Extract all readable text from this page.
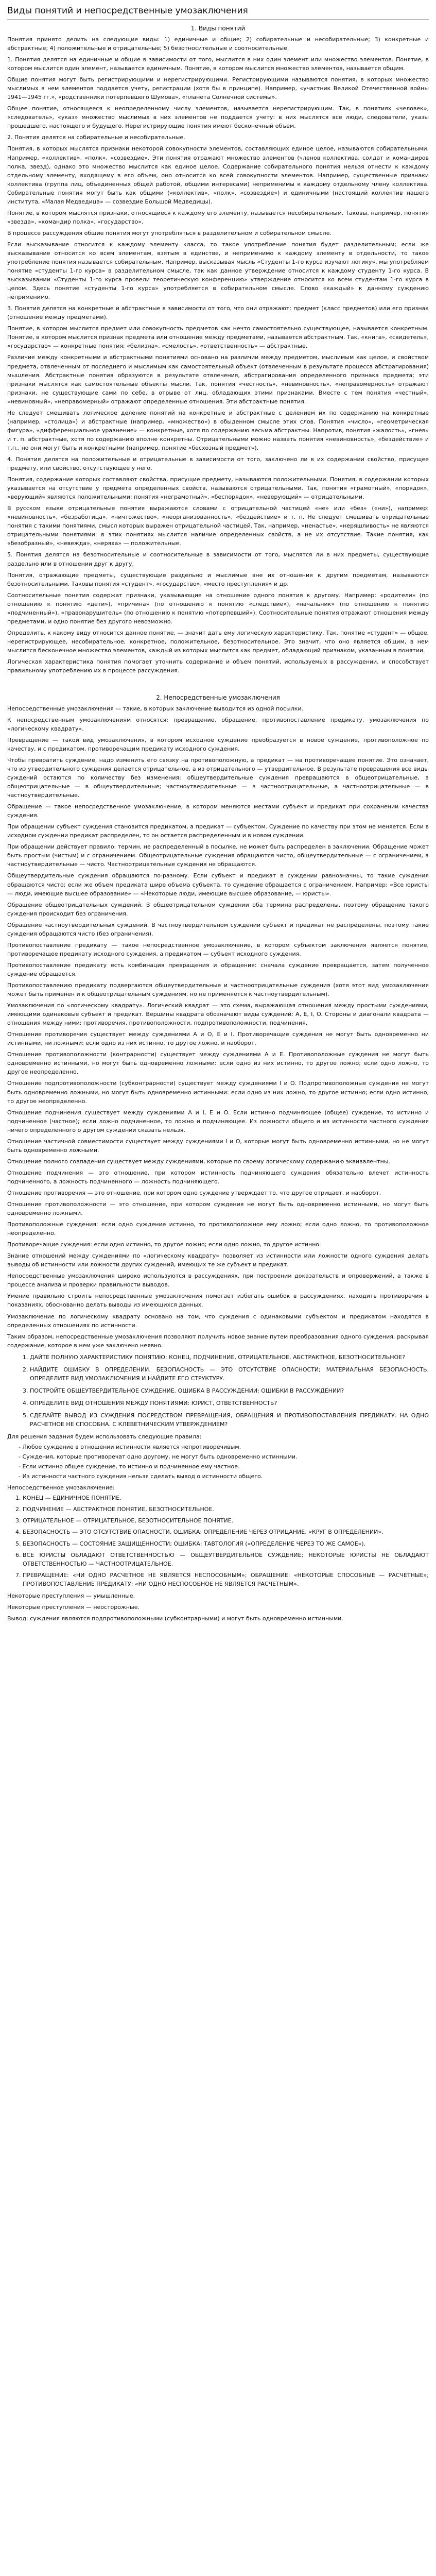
Виды понятий и непосредственные умозаключения
1. Виды понятий

Понятия принято делить на следующие виды: 1) единичные и общие; 2) собирательные и несобирательные; 3) конкретные и абстрактные; 4) положительные и отрицательные; 5) безотносительные и соотносительные.

1. Понятия делятся на единичные и общие в зависимости от того, мыслится в них один элемент или множество элементов. Понятие, в котором мыслится один элемент, называется единичным. Понятие, в котором мыслится множество элементов, называется общим.

Общие понятия могут быть регистрирующими и нерегистрирующими. Регистрирующими называются понятия, в которых множество мыслимых в нем элементов поддается учету, регистрации (хотя бы в принципе). Например, «участник Великой Отечественной войны 1941—1945 гг.», «родственники потерпевшего Шумова», «планета Солнечной системы».

Общее понятие, относящееся к неопределенному числу элементов, называется нерегистрирующим. Так, в понятиях «человек», «следователь», «указ» множество мыслимых в них элементов не поддается учету: в них мыслятся все люди, следователи, указы прошедшего, настоящего и будущего. Нерегистрирующие понятия имеют бесконечный объем.

2. Понятия делятся на собирательные и несобирательные.

Понятия, в которых мыслятся признаки некоторой совокупности элементов, составляющих единое целое, называются собирательными. Например, «коллектив», «полк», «созвездие». Эти понятия отражают множество элементов (членов коллектива, солдат и командиров полка, звезд), однако это множество мыслится как единое целое. Содержание собирательного понятия нельзя отнести к каждому отдельному элементу, входящему в его объем, оно относится ко всей совокупности элементов. Например, существенные признаки коллектива (группа лиц, объединенных общей работой, общими интересами) неприменимы к каждому отдельному члену коллектива. Собирательные понятия могут быть как общими («коллектив», «полк», «созвездие») и единичными (настоящий коллектив нашего института, «Малая Медведица» — созвездие Большой Медведицы).

Понятие, в котором мыслятся признаки, относящиеся к каждому его элементу, называется несобирательным. Таковы, например, понятия «звезда», «командир полка», «государство».

В процессе рассуждения общие понятия могут употребляться в разделительном и собирательном смысле.

Если высказывание относится к каждому элементу класса, то такое употребление понятия будет разделительным; если же высказывание относится ко всем элементам, взятым в единстве, и неприменимо к каждому элементу в отдельности, то такое употребление понятия называется собирательным. Например, высказывая мысль «Студенты 1-го курса изучают логику», мы употребляем понятие «студенты 1-го курса» в разделительном смысле, так как данное утверждение относится к каждому студенту 1-го курса. В высказывании «Студенты 1-го курса провели теоретическую конференцию» утверждение относится ко всем студентам 1-го курса в целом. Здесь понятие «студенты 1-го курса» употребляется в собирательном смысле. Слово «каждый» к данному суждению неприменимо.

3. Понятия делятся на конкретные и абстрактные в зависимости от того, что они отражают: предмет (класс предметов) или его признак (отношение между предметами).

Понятие, в котором мыслится предмет или совокупность предметов как нечто самостоятельно существующее, называется конкретным. Понятие, в котором мыслится признак предмета или отношение между предметами, называется абстрактным. Так, «книга», «свидетель», «государство» — конкретные понятия; «белизна», «смелость», «ответственность» — абстрактные.

Различие между конкретными и абстрактными понятиями основано на различии между предметом, мыслимым как целое, и свойством предмета, отвлеченным от последнего и мыслимым как самостоятельный объект (отвлеченным в результате процесса абстрагирования) мышления. Абстрактные понятия образуются в результате отвлечения, абстрагирования определенного признака предмета; эти признаки мыслятся как самостоятельные объекты мысли. Так, понятия «честность», «невиновность», «неправомерность» отражают признаки, не существующие сами по себе, в отрыве от лиц, обладающих этими признаками. Вместе с тем понятия «честный», «невиновный», «неправомерный» отражают определенные отношения. Эти абстрактные понятия.

Не следует смешивать логическое деление понятий на конкретные и абстрактные с делением их по содержанию на конкретные (например, «столица») и абстрактные (например, «множество») в обыденном смысле этих слов. Понятия «число», «геометрическая фигура», «дифференциальное уравнение» — конкретные, хотя по содержанию весьма абстрактны. Напротив, понятия «жалость», «гнев» и т. п. абстрактные, хотя по содержанию вполне конкретны. Отрицательными можно назвать понятия «невиновность», «бездействие» и т.п., но они могут быть и конкретными (например, понятие «бесхозный предмет»).

4. Понятия делятся на положительные и отрицательные в зависимости от того, заключено ли в их содержании свойство, присущее предмету, или свойство, отсутствующее у него.

Понятия, содержание которых составляют свойства, присущие предмету, называются положительными. Понятия, в содержании которых указывается на отсутствие у предмета определенных свойств, называются отрицательными. Так, понятия «грамотный», «порядок», «верующий» являются положительными; понятия «неграмотный», «беспорядок», «неверующий» — отрицательными.

В русском языке отрицательные понятия выражаются словами с отрицательной частицей «не» или «без» («ни»), например: «невиновность», «безработица», «ничтожество», «неорганизованность», «бездействие» и т. п. Не следует смешивать отрицательные понятия с такими понятиями, смысл которых выражен отрицательной частицей. Так, например, «ненастье», «неряшливость» не являются отрицательными понятиями: в этих понятиях мыслится наличие определенных свойств, а не их отсутствие. Такие понятия, как «безобразный», «невежда», «неряха» — положительные.

5. Понятия делятся на безотносительные и соотносительные в зависимости от того, мыслятся ли в них предметы, существующие раздельно или в отношении друг к другу.

Понятия, отражающие предметы, существующие раздельно и мыслимые вне их отношения к другим предметам, называются безотносительными. Таковы понятия «студент», «государство», «место преступления» и др.

Соотносительные понятия содержат признаки, указывающие на отношение одного понятия к другому. Например: «родители» (по отношению к понятию «дети»), «причина» (по отношению к понятию «следствие»), «начальник» (по отношению к понятию «подчиненный»), «правонарушитель» (по отношению к понятию «потерпевший»). Соотносительные понятия отражают отношения между предметами, и одно понятие без другого невозможно.

Определить, к какому виду относится данное понятие, — значит дать ему логическую характеристику. Так, понятие «студент» — общее, нерегистрирующее, несобирательное, конкретное, положительное, безотносительное. Это значит, что оно является общим, в нем мыслится бесконечное множество элементов, каждый из которых мыслится как предмет, обладающий признаком, указанным в понятии.

Логическая характеристика понятия помогает уточнить содержание и объем понятий, используемых в рассуждении, и способствует правильному употреблению их в процессе рассуждения.

2. Непосредственные умозаключения

Непосредственные умозаключения — такие, в которых заключение выводится из одной посылки.

К непосредственным умозаключениям относятся: превращение, обращение, противопоставление предикату, умозаключения по «логическому квадрату».

Превращение — такой вид умозаключения, в котором исходное суждение преобразуется в новое суждение, противоположное по качеству, и с предикатом, противоречащим предикату исходного суждения.

Чтобы превратить суждение, надо изменить его связку на противоположную, а предикат — на противоречащее понятие. Это означает, что из утвердительного суждения делается отрицательное, а из отрицательного — утвердительное. В результате превращения все виды суждений остаются по количеству без изменения: общеутвердительные суждения превращаются в общеотрицательные, а общеотрицательные — в общеутвердительные; частноутвердительные — в частноотрицательные, а частноотрицательные — в частноутвердительные.

Обращение — такое непосредственное умозаключение, в котором меняются местами субъект и предикат при сохранении качества суждения.

При обращении субъект суждения становится предикатом, а предикат — субъектом. Суждение по качеству при этом не меняется. Если в исходном суждении предикат распределен, то он остается распределенным и в новом суждении.

При обращении действует правило: термин, не распределенный в посылке, не может быть распределен в заключении. Обращение может быть простым (чистым) и с ограничением. Общеотрицательные суждения обращаются чисто, общеутвердительные — с ограничением, а частноутвердительные — чисто. Частноотрицательные суждения не обращаются.

Общеутвердительные суждения обращаются по-разному. Если субъект и предикат в суждении равнозначны, то такие суждения обращаются чисто; если же объем предиката шире объема субъекта, то суждение обращается с ограничением. Например: «Все юристы — люди, имеющие высшее образование» — «Некоторые люди, имеющие высшее образование, — юристы».

Обращение общеотрицательных суждений. В общеотрицательном суждении оба термина распределены, поэтому обращение такого суждения происходит без ограничения.

Обращение частноутвердительных суждений. В частноутвердительном суждении субъект и предикат не распределены, поэтому такие суждения обращаются чисто (без ограничения).

Противопоставление предикату — такое непосредственное умозаключение, в котором субъектом заключения является понятие, противоречащее предикату исходного суждения, а предикатом — субъект исходного суждения.

Противопоставление предикату есть комбинация превращения и обращения: сначала суждение превращается, затем полученное суждение обращается.

Противопоставлению предикату подвергаются общеутвердительные и частноотрицательные суждения (хотя этот вид умозаключения может быть применен и к общеотрицательным суждениям, но не применяется к частноутвердительным).

Умозаключения по «логическому квадрату». Логический квадрат — это схема, выражающая отношения между простыми суждениями, имеющими одинаковые субъект и предикат. Вершины квадрата обозначают виды суждений: A, E, I, O. Стороны и диагонали квадрата — отношения между ними: противоречия, противоположности, подпротивоположности, подчинения.

Отношение противоречия существует между суждениями A и O, E и I. Противоречащие суждения не могут быть одновременно ни истинными, ни ложными: если одно из них истинно, то другое ложно, и наоборот.

Отношение противоположности (контрарности) существует между суждениями A и E. Противоположные суждения не могут быть одновременно истинными, но могут быть одновременно ложными: если одно из них истинно, то другое ложно; если одно ложно, то другое неопределенно.

Отношение подпротивоположности (субконтрарности) существует между суждениями I и O. Подпротивоположные суждения не могут быть одновременно ложными, но могут быть одновременно истинными: если одно из них ложно, то другое истинно; если одно истинно, то другое неопределенно.

Отношение подчинения существует между суждениями A и I, E и O. Если истинно подчиняющее (общее) суждение, то истинно и подчиненное (частное); если ложно подчиненное, то ложно и подчиняющее. Из ложности общего и из истинности частного суждения ничего определенного о другом суждении сказать нельзя.

Отношение частичной совместимости существует между суждениями I и O, которые могут быть одновременно истинными, но не могут быть одновременно ложными.

Отношение полного совпадения существует между суждениями, которые по своему логическому содержанию эквивалентны.

Отношение подчинения — это отношение, при котором истинность подчиняющего суждения обязательно влечет истинность подчиненного, а ложность подчиненного — ложность подчиняющего.

Отношение противоречия — это отношение, при котором одно суждение утверждает то, что другое отрицает, и наоборот.

Отношение противоположности — это отношение, при котором суждения не могут быть одновременно истинными, но могут быть одновременно ложными.

Противоположные суждения: если одно суждение истинно, то противоположное ему ложно; если одно ложно, то противоположное неопределенно.

Противоречащие суждения: если одно истинно, то другое ложно; если одно ложно, то другое истинно.

Знание отношений между суждениями по «логическому квадрату» позволяет из истинности или ложности одного суждения делать выводы об истинности или ложности других суждений, имеющих те же субъект и предикат.

Непосредственные умозаключения широко используются в рассуждениях, при построении доказательств и опровержений, а также в процессе анализа и проверки правильности выводов.

Умение правильно строить непосредственные умозаключения помогает избегать ошибок в рассуждениях, находить противоречия в показаниях, обоснованно делать выводы из имеющихся данных.

Умозаключение по логическому квадрату основано на том, что суждения с одинаковыми субъектом и предикатом находятся в определенных отношениях по истинности.

Таким образом, непосредственные умозаключения позволяют получить новое знание путем преобразования одного суждения, раскрывая содержание, которое в нем уже заключено неявно.

1. ДАЙТЕ ПОЛНУЮ ХАРАКТЕРИСТИКУ ПОНЯТИЮ: КОНЕЦ, ПОДЧИНЕНИЕ, ОТРИЦАТЕЛЬНОЕ, АБСТРАКТНОЕ, БЕЗОТНОСИТЕЛЬНОЕ?
2. НАЙДИТЕ ОШИБКУ В ОПРЕДЕЛЕНИИ. БЕЗОПАСНОСТЬ — ЭТО ОТСУТСТВИЕ ОПАСНОСТИ; МАТЕРИАЛЬНАЯ БЕЗОПАСНОСТЬ. ОПРЕДЕЛИТЕ ВИД УМОЗАКЛЮЧЕНИЯ И НАЙДИТЕ ЕГО СТРУКТУРУ.
3. ПОСТРОЙТЕ ОБЩЕУТВЕРДИТЕЛЬНОЕ СУЖДЕНИЕ. ОШИБКА В РАССУЖДЕНИИ: ОШИБКИ В РАССУЖДЕНИИ?
4. ОПРЕДЕЛИТЕ ВИД ОТНОШЕНИЯ МЕЖДУ ПОНЯТИЯМИ: ЮРИСТ, ОТВЕТСТВЕННОСТЬ?
5. СДЕЛАЙТЕ ВЫВОД ИЗ СУЖДЕНИЯ ПОСРЕДСТВОМ ПРЕВРАЩЕНИЯ, ОБРАЩЕНИЯ И ПРОТИВОПОСТАВЛЕНИЯ ПРЕДИКАТУ. НА ОДНО РАСЧЕТНОЕ НЕ СПОСОБНА. С КЛЕВЕТНИЧЕСКИМ УТВЕРЖДЕНИЕМ?

Для решения задания будем использовать следующие правила:

- Любое суждение в отношении истинности является непротиворечивым.
- Суждения, которые противоречат одно другому, не могут быть одновременно истинными.
- Если истинно общее суждение, то истинно и подчиненное ему частное.
- Из истинности частного суждения нельзя сделать вывод о истинности общего.

Непосредственное умозаключение:

1. КОНЕЦ — ЕДИНИЧНОЕ ПОНЯТИЕ.
2. ПОДЧИНЕНИЕ — АБСТРАКТНОЕ ПОНЯТИЕ, БЕЗОТНОСИТЕЛЬНОЕ.
3. ОТРИЦАТЕЛЬНОЕ — ОТРИЦАТЕЛЬНОЕ, БЕЗОТНОСИТЕЛЬНОЕ ПОНЯТИЕ.
4. БЕЗОПАСНОСТЬ — ЭТО ОТСУТСТВИЕ ОПАСНОСТИ. ОШИБКА: ОПРЕДЕЛЕНИЕ ЧЕРЕЗ ОТРИЦАНИЕ, «КРУГ В ОПРЕДЕЛЕНИИ».
5. БЕЗОПАСНОСТЬ — СОСТОЯНИЕ ЗАЩИЩЕННОСТИ; ОШИБКА: ТАВТОЛОГИЯ («ОПРЕДЕЛЕНИЕ ЧЕРЕЗ ТО ЖЕ САМОЕ»).
6. ВСЕ ЮРИСТЫ ОБЛАДАЮТ ОТВЕТСТВЕННОСТЬЮ — ОБЩЕУТВЕРДИТЕЛЬНОЕ СУЖДЕНИЕ; НЕКОТОРЫЕ ЮРИСТЫ НЕ ОБЛАДАЮТ ОТВЕТСТВЕННОСТЬЮ — ЧАСТНООТРИЦАТЕЛЬНОЕ.
7. ПРЕВРАЩЕНИЕ: «НИ ОДНО РАСЧЕТНОЕ НЕ ЯВЛЯЕТСЯ НЕСПОСОБНЫМ»; ОБРАЩЕНИЕ: «НЕКОТОРЫЕ СПОСОБНЫЕ — РАСЧЕТНЫЕ»; ПРОТИВОПОСТАВЛЕНИЕ ПРЕДИКАТУ: «НИ ОДНО НЕСПОСОБНОЕ НЕ ЯВЛЯЕТСЯ РАСЧЕТНЫМ».

Некоторые преступления — умышленные.

Некоторые преступления — неосторожные.

Вывод: суждения являются подпротивоположными (субконтрарными) и могут быть одновременно истинными.
